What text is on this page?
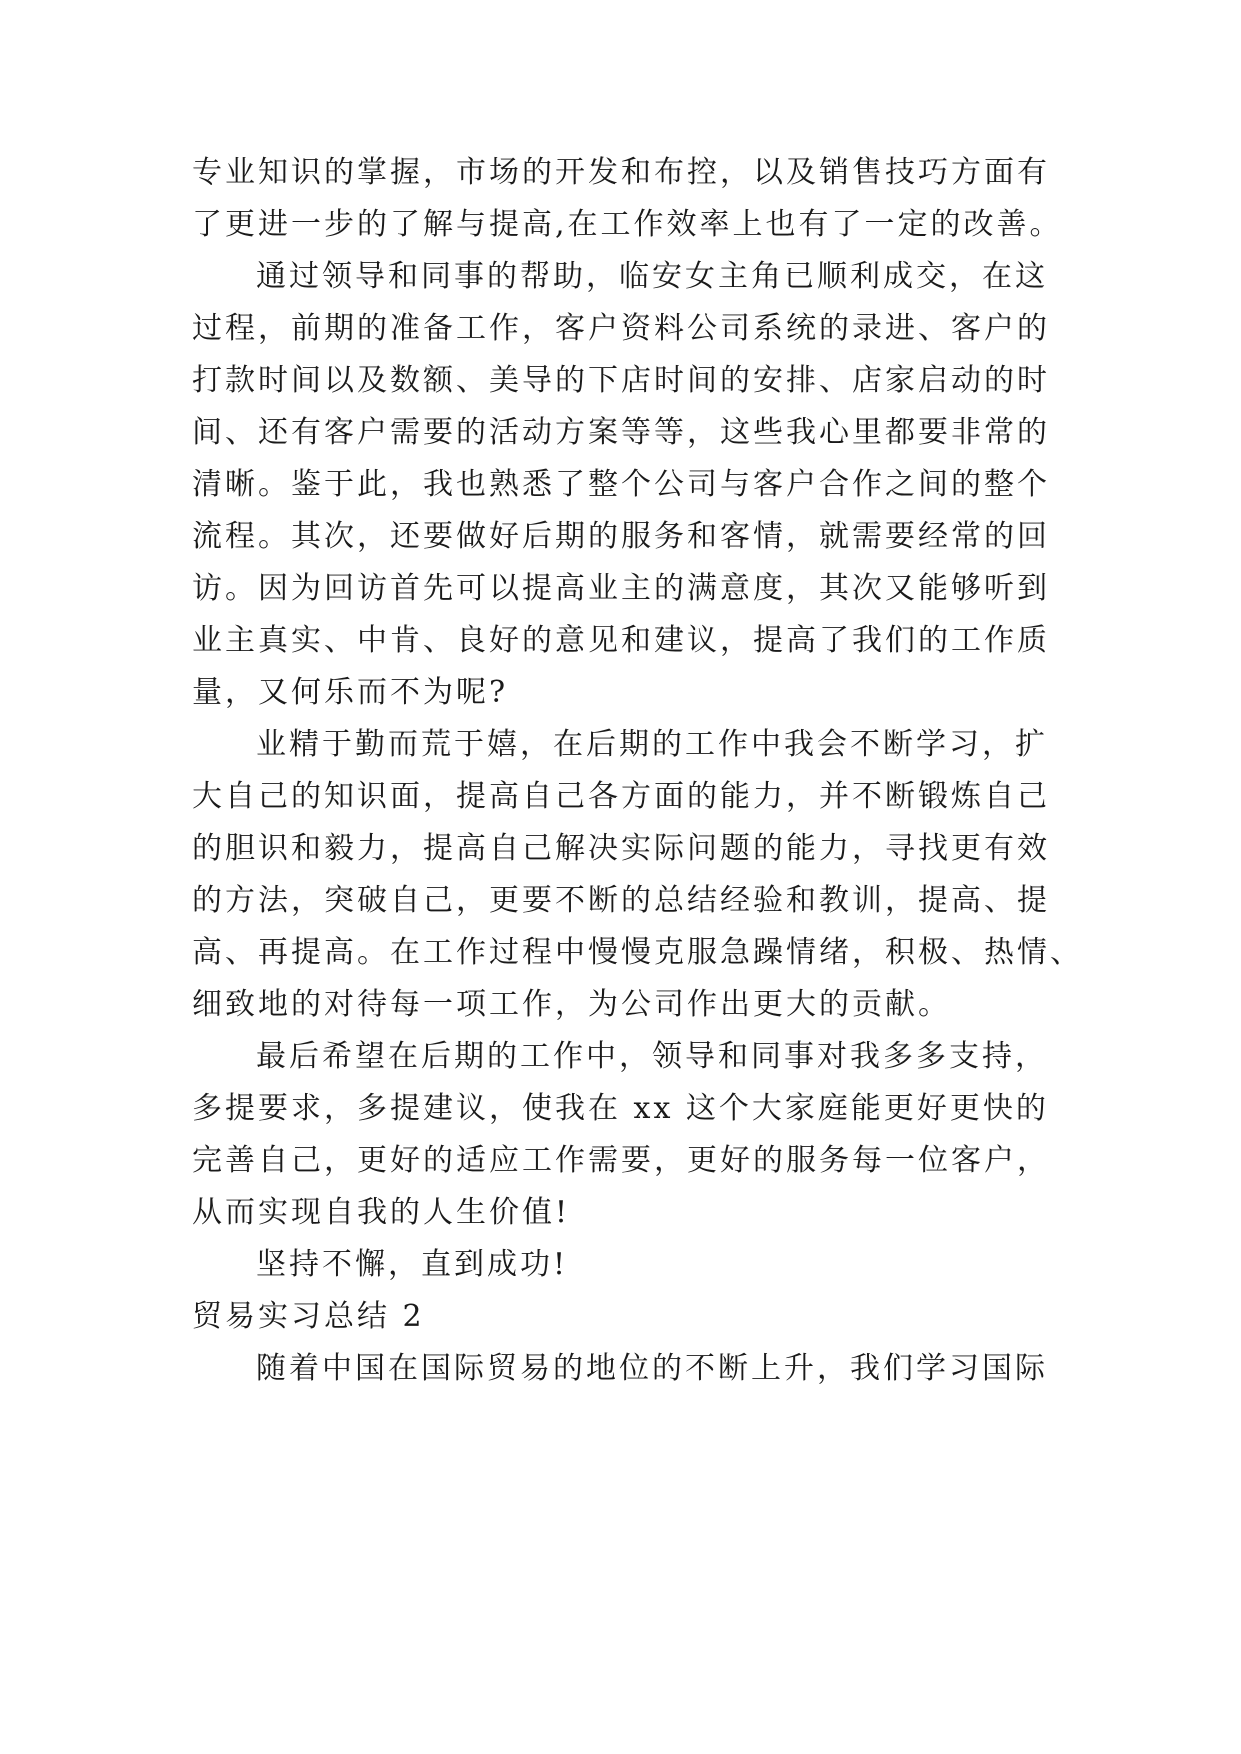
专业知识的掌握，市场的开发和布控，以及销售技巧方面有
了更进一步的了解与提高,在工作效率上也有了一定的改善。
通过领导和同事的帮助，临安女主角已顺利成交，在这
过程，前期的准备工作，客户资料公司系统的录进、客户的
打款时间以及数额、美导的下店时间的安排、店家启动的时
间、还有客户需要的活动方案等等，这些我心里都要非常的
清晰。鉴于此，我也熟悉了整个公司与客户合作之间的整个
流程。其次，还要做好后期的服务和客情，就需要经常的回
访。因为回访首先可以提高业主的满意度，其次又能够听到
业主真实、中肯、良好的意见和建议，提高了我们的工作质
量，又何乐而不为呢?
业精于勤而荒于嬉，在后期的工作中我会不断学习，扩
大自己的知识面，提高自己各方面的能力，并不断锻炼自己
的胆识和毅力，提高自己解决实际问题的能力，寻找更有效
的方法，突破自己，更要不断的总结经验和教训，提高、提
高、再提高。在工作过程中慢慢克服急躁情绪，积极、热情、
细致地的对待每一项工作，为公司作出更大的贡献。
最后希望在后期的工作中，领导和同事对我多多支持，
多提要求，多提建议，使我在 xx 这个大家庭能更好更快的
完善自己，更好的适应工作需要，更好的服务每一位客户，
从而实现自我的人生价值!
坚持不懈，直到成功!
贸易实习总结 2
随着中国在国际贸易的地位的不断上升，我们学习国际
